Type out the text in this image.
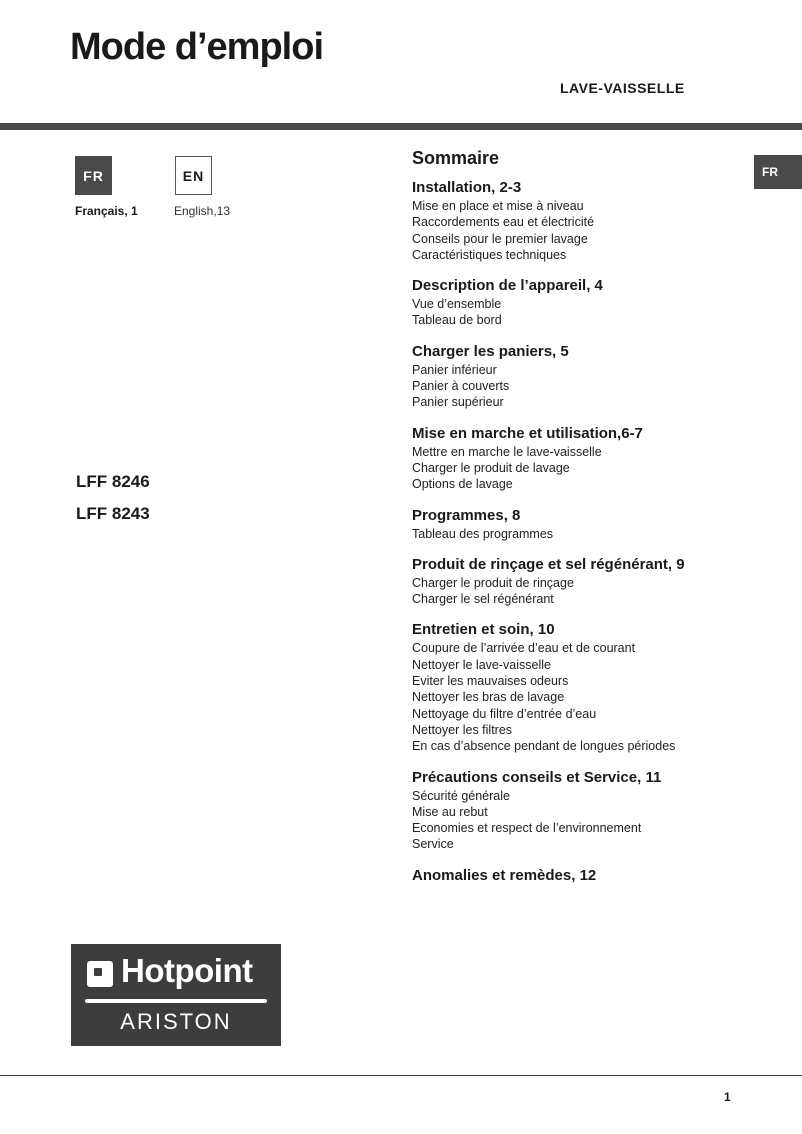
Mode d’emploi
LAVE-VAISSELLE
FR	EN
Français, 1	English,13
FR
LFF 8246
LFF 8243
Sommaire
Installation, 2-3
Mise en place et mise à niveau
Raccordements eau et électricité
Conseils pour le premier lavage
Caractéristiques techniques
Description de l’appareil, 4
Vue d’ensemble
Tableau de bord
Charger les paniers, 5
Panier inférieur
Panier à couverts
Panier supérieur
Mise en marche et utilisation,6-7
Mettre en marche le lave-vaisselle
Charger le produit de lavage
Options de lavage
Programmes, 8
Tableau des programmes
Produit de rinçage et sel régénérant, 9
Charger le produit de rinçage
Charger le sel régénérant
Entretien et soin, 10
Coupure de l’arrivée d’eau et de courant
Nettoyer le lave-vaisselle
Eviter les mauvaises odeurs
Nettoyer les bras de lavage
Nettoyage du filtre d’entrée d’eau
Nettoyer les filtres
En cas d’absence pendant de longues périodes
Précautions conseils et Service, 11
Sécurité générale
Mise au rebut
Economies et respect de l’environnement
Service
Anomalies et remèdes, 12
Hotpoint
ARISTON
1
